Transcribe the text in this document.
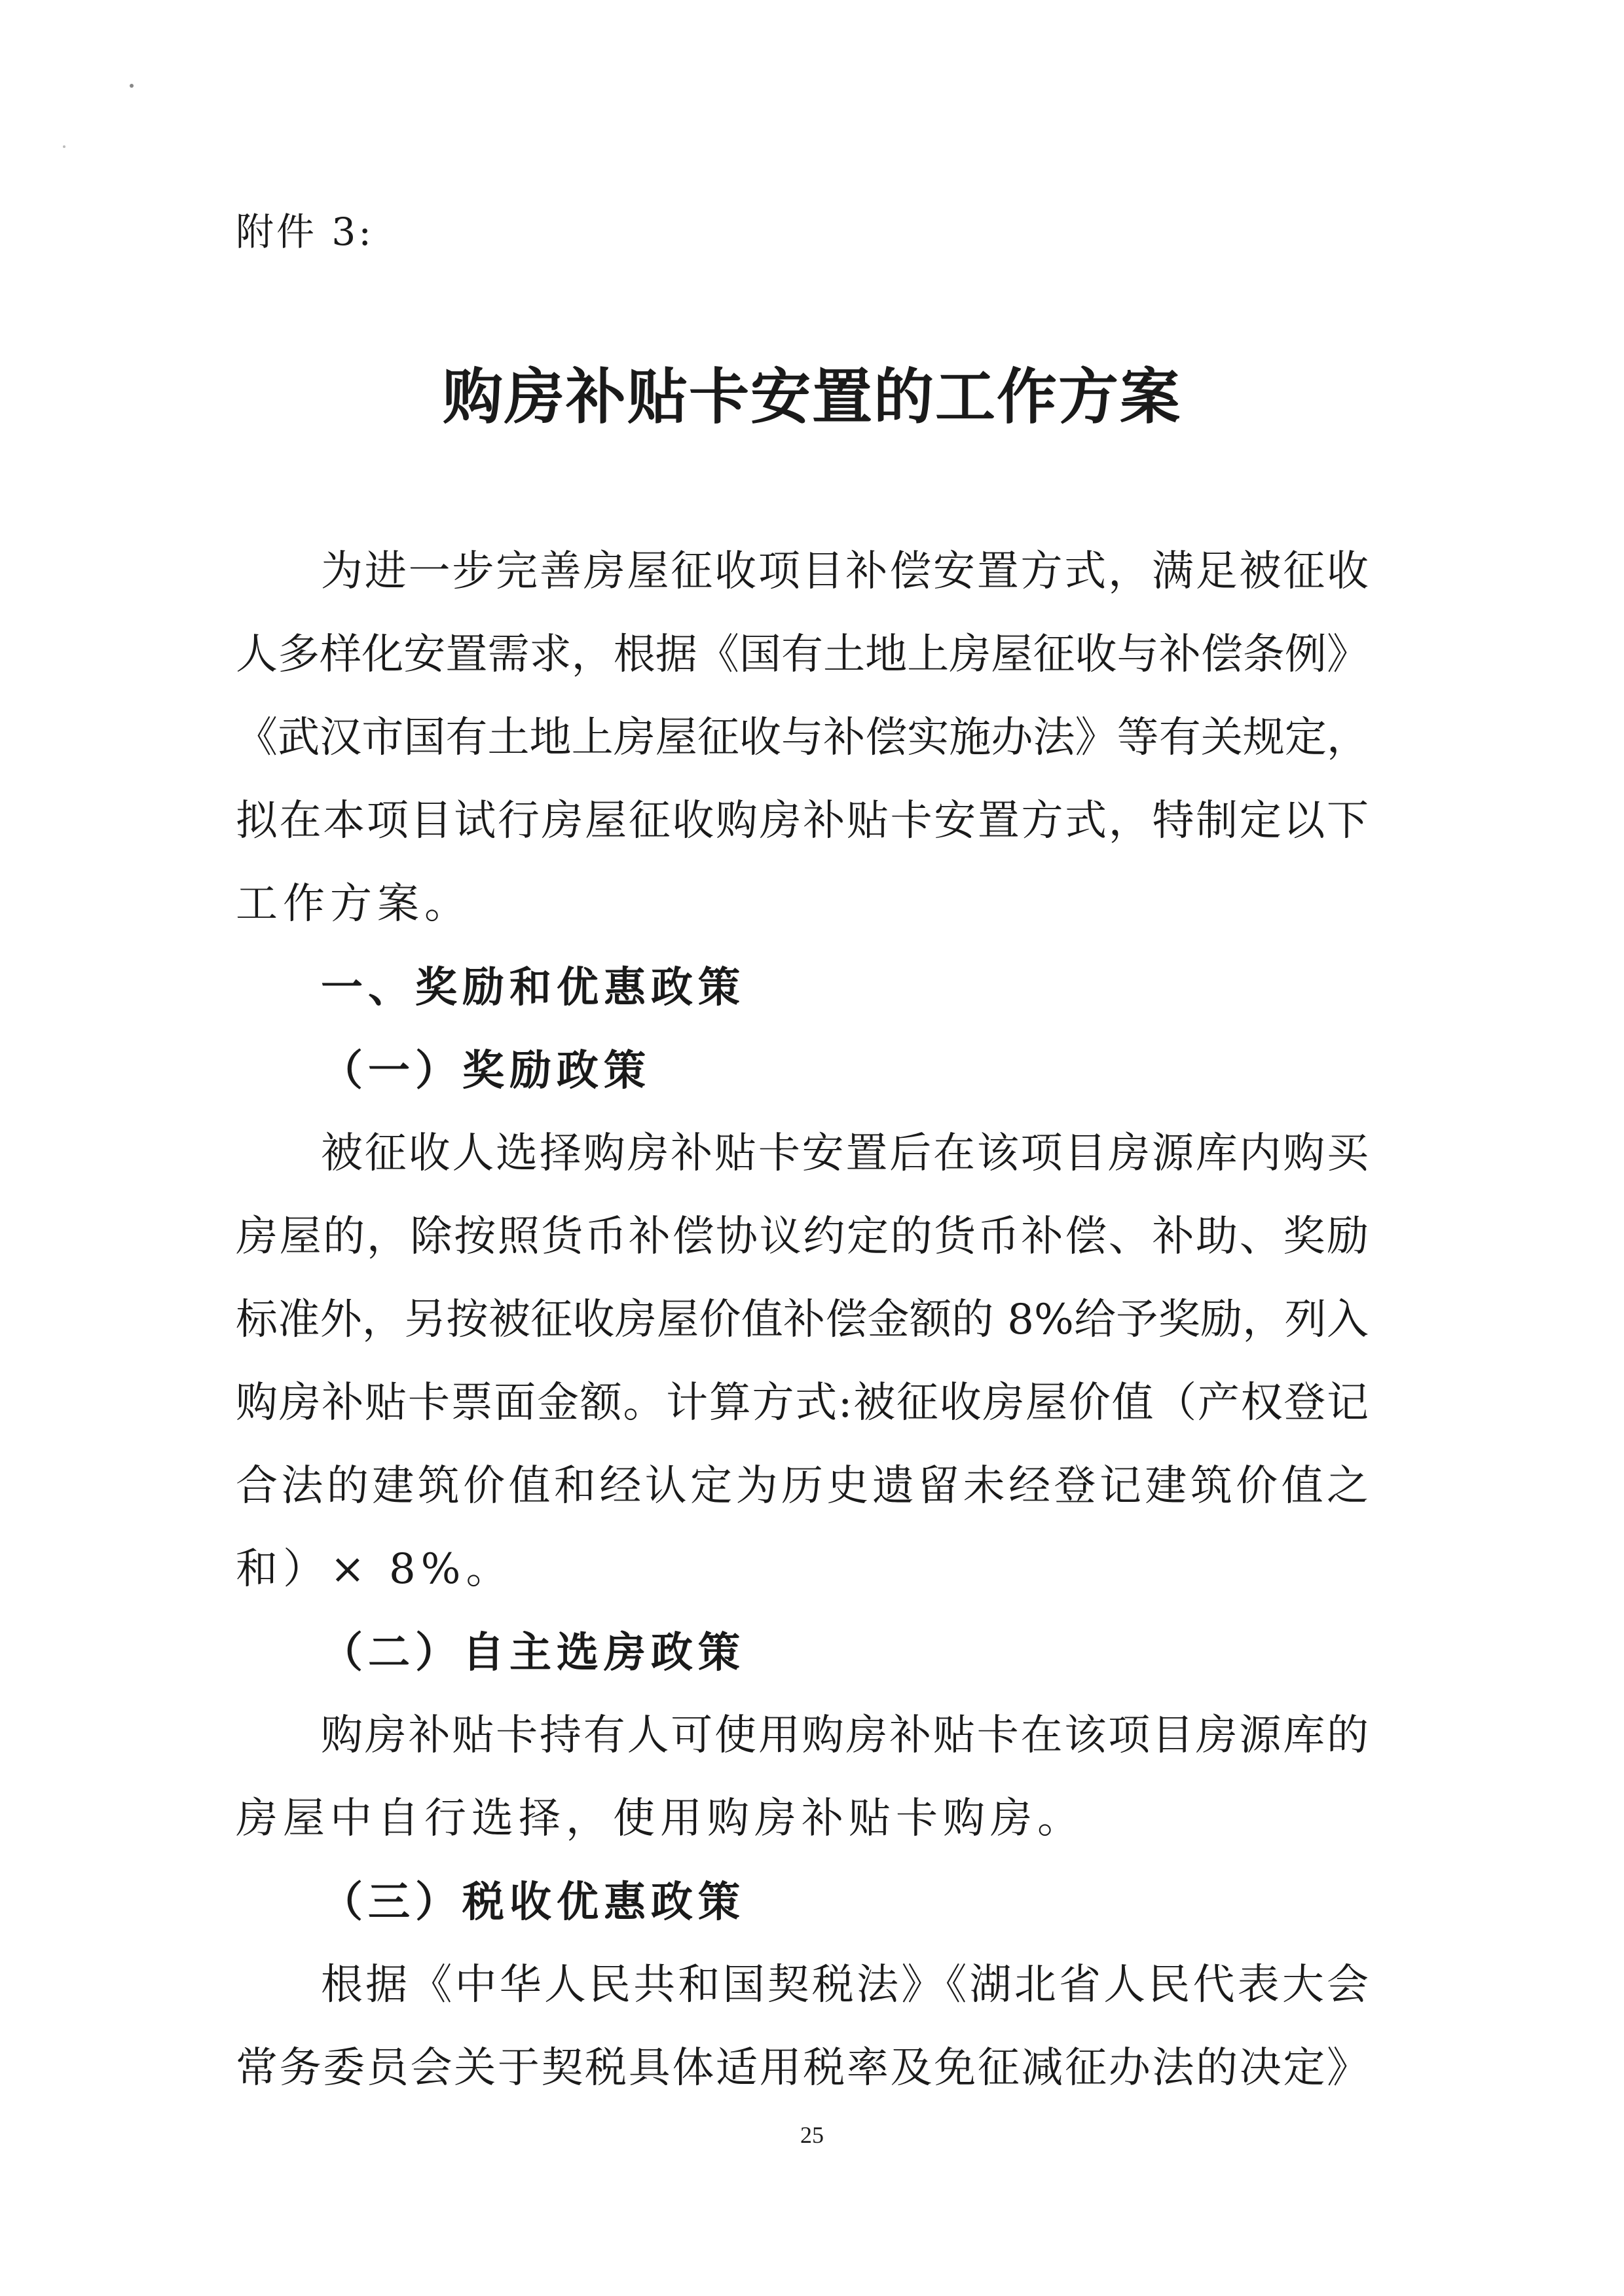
附件 3:
购房补贴卡安置的工作方案
为进一步完善房屋征收项目补偿安置方式，满足被征收
人多样化安置需求，根据《国有土地上房屋征收与补偿条例》
《武汉市国有土地上房屋征收与补偿实施办法》等有关规定，
拟在本项目试行房屋征收购房补贴卡安置方式，特制定以下
工作方案。
一、奖励和优惠政策
（一）奖励政策
被征收人选择购房补贴卡安置后在该项目房源库内购买
房屋的，除按照货币补偿协议约定的货币补偿、补助、奖励
标准外，另按被征收房屋价值补偿金额的 8%给予奖励，列入
购房补贴卡票面金额。计算方式:被征收房屋价值（产权登记
合法的建筑价值和经认定为历史遗留未经登记建筑价值之
和）× 8%。
（二）自主选房政策
购房补贴卡持有人可使用购房补贴卡在该项目房源库的
房屋中自行选择，使用购房补贴卡购房。
（三）税收优惠政策
根据《中华人民共和国契税法》《湖北省人民代表大会
常务委员会关于契税具体适用税率及免征减征办法的决定》
25
